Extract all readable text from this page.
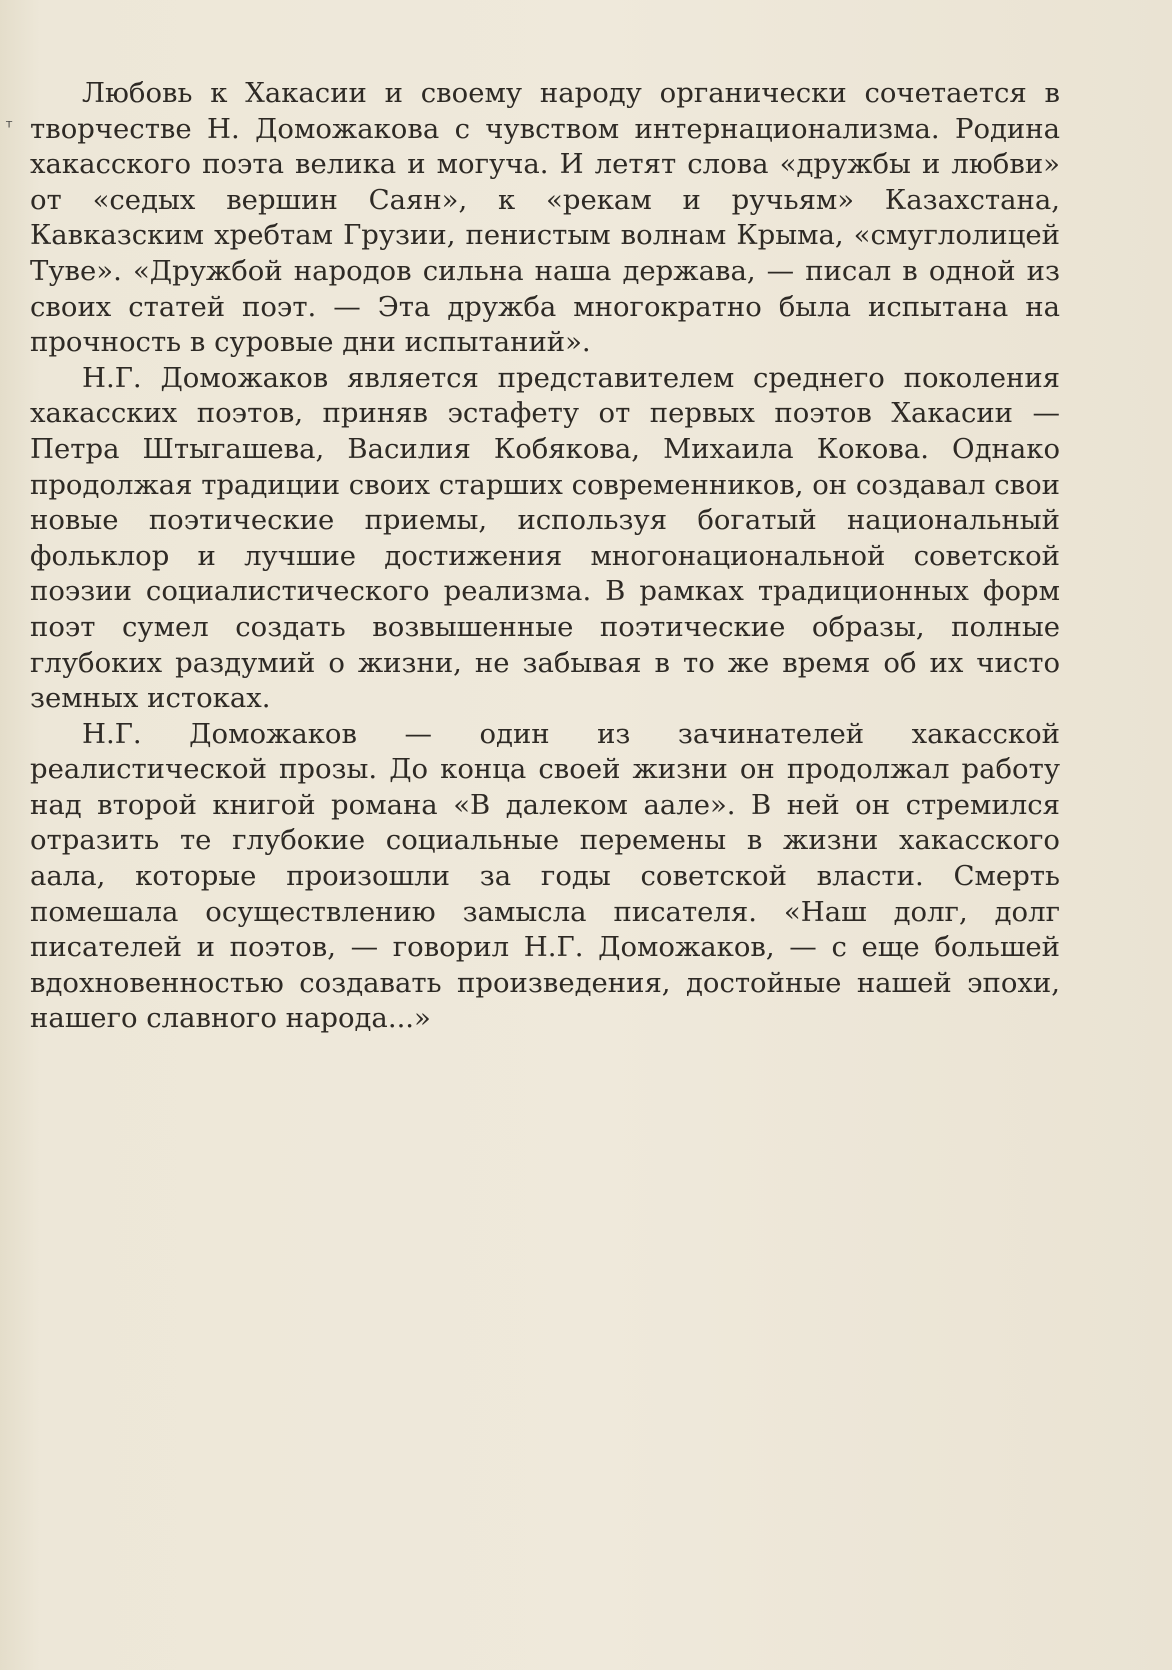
ᵀ

Любовь к Хакасии и своему народу органически сочетается в творчестве Н. Доможакова с чувством интернационализма. Родина хакасского поэта велика и могуча. И летят слова «дружбы и любви» от «седых вершин Саян», к «рекам и ручьям» Казахстана, Кавказским хребтам Грузии, пенистым волнам Крыма, «смуглолицей Туве». «Дружбой народов сильна наша держава, — писал в одной из своих статей поэт. — Эта дружба многократно была испытана на прочность в суровые дни испытаний».

Н.Г. Доможаков является представителем среднего поколения хакасских поэтов, приняв эстафету от первых поэтов Хакасии — Петра Штыгашева, Василия Кобякова, Михаила Кокова. Однако продолжая традиции своих старших современников, он создавал свои новые поэтические приемы, используя богатый национальный фольклор и лучшие достижения многонациональной советской поэзии социалистического реализма. В рамках традиционных форм поэт сумел создать возвышенные поэтические образы, полные глубоких раздумий о жизни, не забывая в то же время об их чисто земных истоках.

Н.Г. Доможаков — один из зачинателей хакасской реалистической прозы. До конца своей жизни он продолжал работу над второй книгой романа «В далеком аале». В ней он стремился отразить те глубокие социальные перемены в жизни хакасского аала, которые произошли за годы советской власти. Смерть помешала осуществлению замысла писателя. «Наш долг, долг писателей и поэтов, — говорил Н.Г. Доможаков, — с еще большей вдохновенностью создавать произведения, достойные нашей эпохи, нашего славного народа...»
